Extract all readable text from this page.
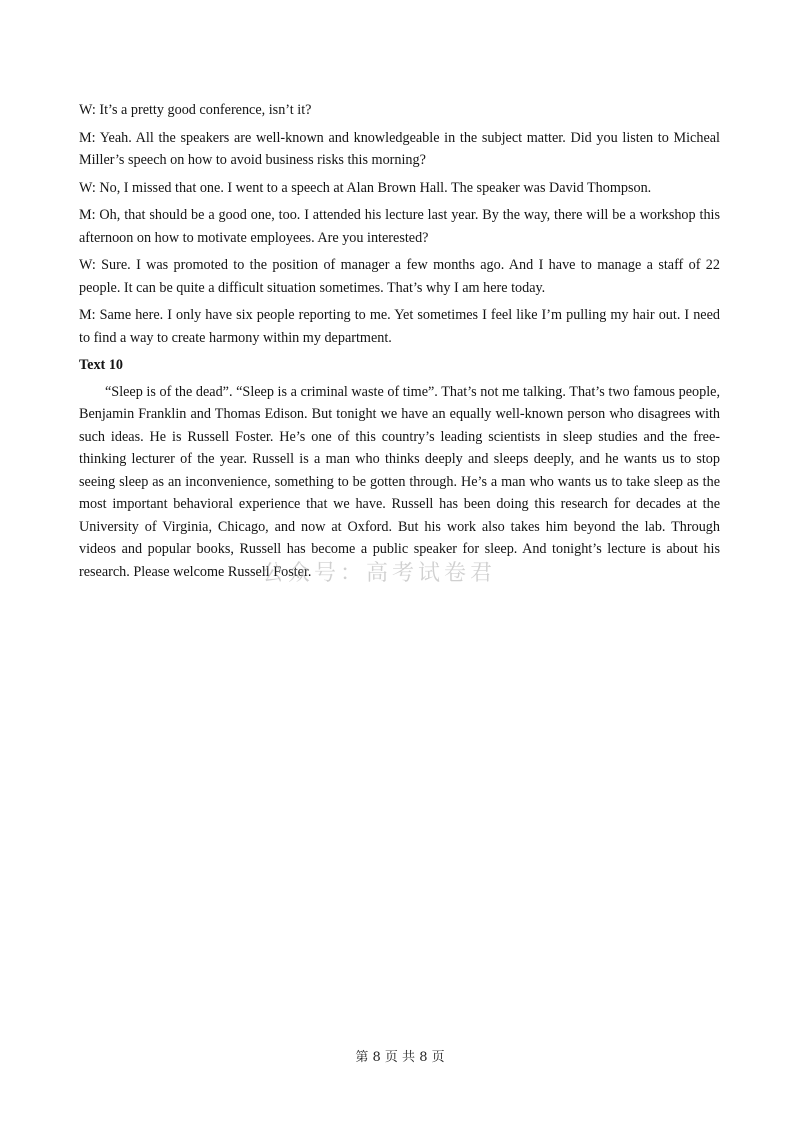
W: It’s a pretty good conference, isn’t it?

M: Yeah. All the speakers are well-known and knowledgeable in the subject matter. Did you listen to Micheal Miller’s speech on how to avoid business risks this morning?

W: No, I missed that one. I went to a speech at Alan Brown Hall. The speaker was David Thompson.

M: Oh, that should be a good one, too. I attended his lecture last year. By the way, there will be a workshop this afternoon on how to motivate employees. Are you interested?

W: Sure. I was promoted to the position of manager a few months ago. And I have to manage a staff of 22 people. It can be quite a difficult situation sometimes. That’s why I am here today.

M: Same here. I only have six people reporting to me. Yet sometimes I feel like I’m pulling my hair out. I need to find a way to create harmony within my department.

Text 10

“Sleep is of the dead”. “Sleep is a criminal waste of time”. That’s not me talking. That’s two famous people, Benjamin Franklin and Thomas Edison. But tonight we have an equally well-known person who disagrees with such ideas. He is Russell Foster. He’s one of this country’s leading scientists in sleep studies and the free-thinking lecturer of the year. Russell is a man who thinks deeply and sleeps deeply, and he wants us to stop seeing sleep as an inconvenience, something to be gotten through. He’s a man who wants us to take sleep as the most important behavioral experience that we have. Russell has been doing this research for decades at the University of Virginia, Chicago, and now at Oxford. But his work also takes him beyond the lab. Through videos and popular books, Russell has become a public speaker for sleep. And tonight’s lecture is about his research. Please welcome Russell Foster.

公众号：高考试卷君
第 8 页 共 8 页
